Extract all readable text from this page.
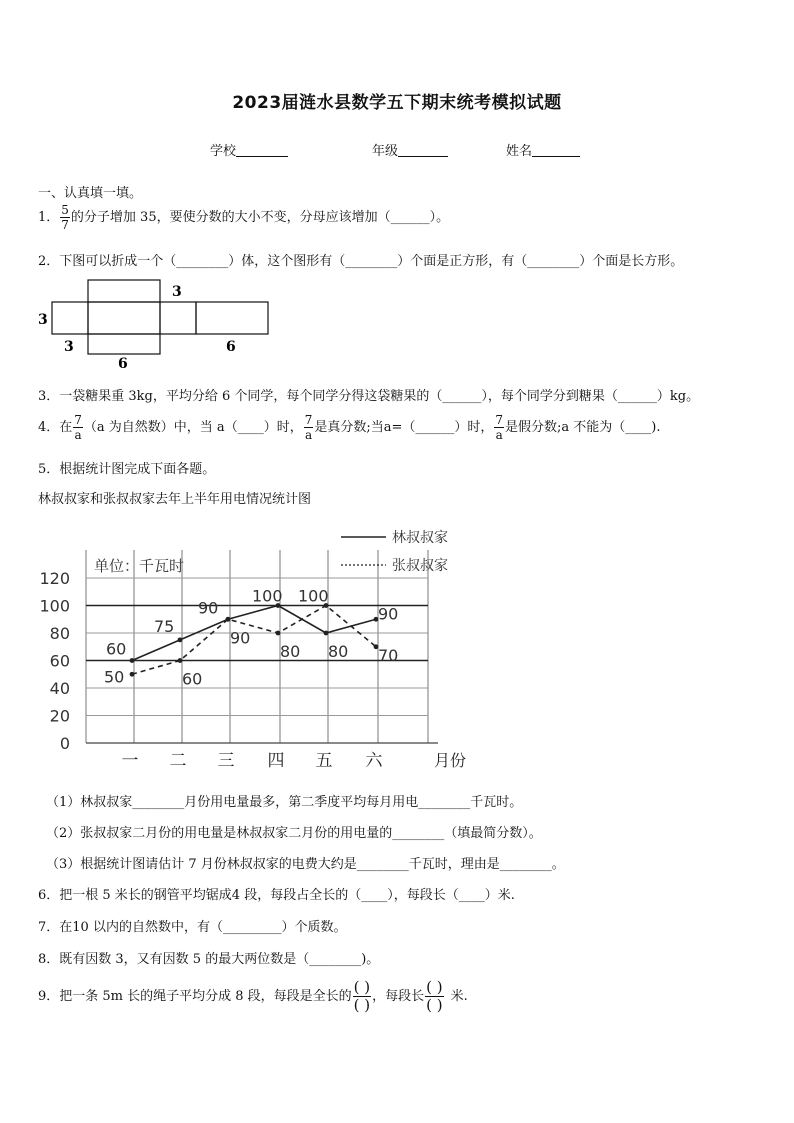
2023届涟水县数学五下期末统考模拟试题
学校	年级	姓名
一、认真填一填。
1． $\frac{5}{7}$ 的分子增加 35，要使分数的大小不变，分母应该增加（______）。
2．下图可以折成一个（________）体，这个图形有（________）个面是正方形，有（________）个面是长方形。
3
3
3
6
6
3．一袋糖果重 3kg，平均分给 6 个同学，每个同学分得这袋糖果的（______），每个同学分到糖果（______）kg。
4．在 $\frac{7}{a} (a$ 为自然数）中，当 a（____）时， $\frac{7}{a}$ 是真分数;当a=（______）时， $\frac{7}{a}$ 是假分数;a 不能为（____).
5．根据统计图完成下面各题。
林叔叔家和张叔叔家去年上半年用电情况统计图
0
20
40
60
80
100
120
一 二 三 四 五 六	月份
单位：千瓦时
林叔叔家
张叔叔家
60
75
90
100
80
90
50	60
90
80
100
70
（1）林叔叔家________月份用电量最多，第二季度平均每月用电________千瓦时。
（2）张叔叔家二月份的用电量是林叔叔家二月份的用电量的________（填最简分数）。
（3）根据统计图请估计 7 月份林叔叔家的电费大约是________千瓦时，理由是________。
6．把一根 5 米长的钢管平均锯成4 段，每段占全长的（____），每段长（____）米.
7．在10 以内的自然数中，有（_________）个质数。
8．既有因数 3，又有因数 5 的最大两位数是（________)。
9．把一条 5m 长的绳子平均分成 8 段，每段是全长的 $\frac{( )}{( )}$ ，每段长 $\frac{( )}{( )}$ 米.
